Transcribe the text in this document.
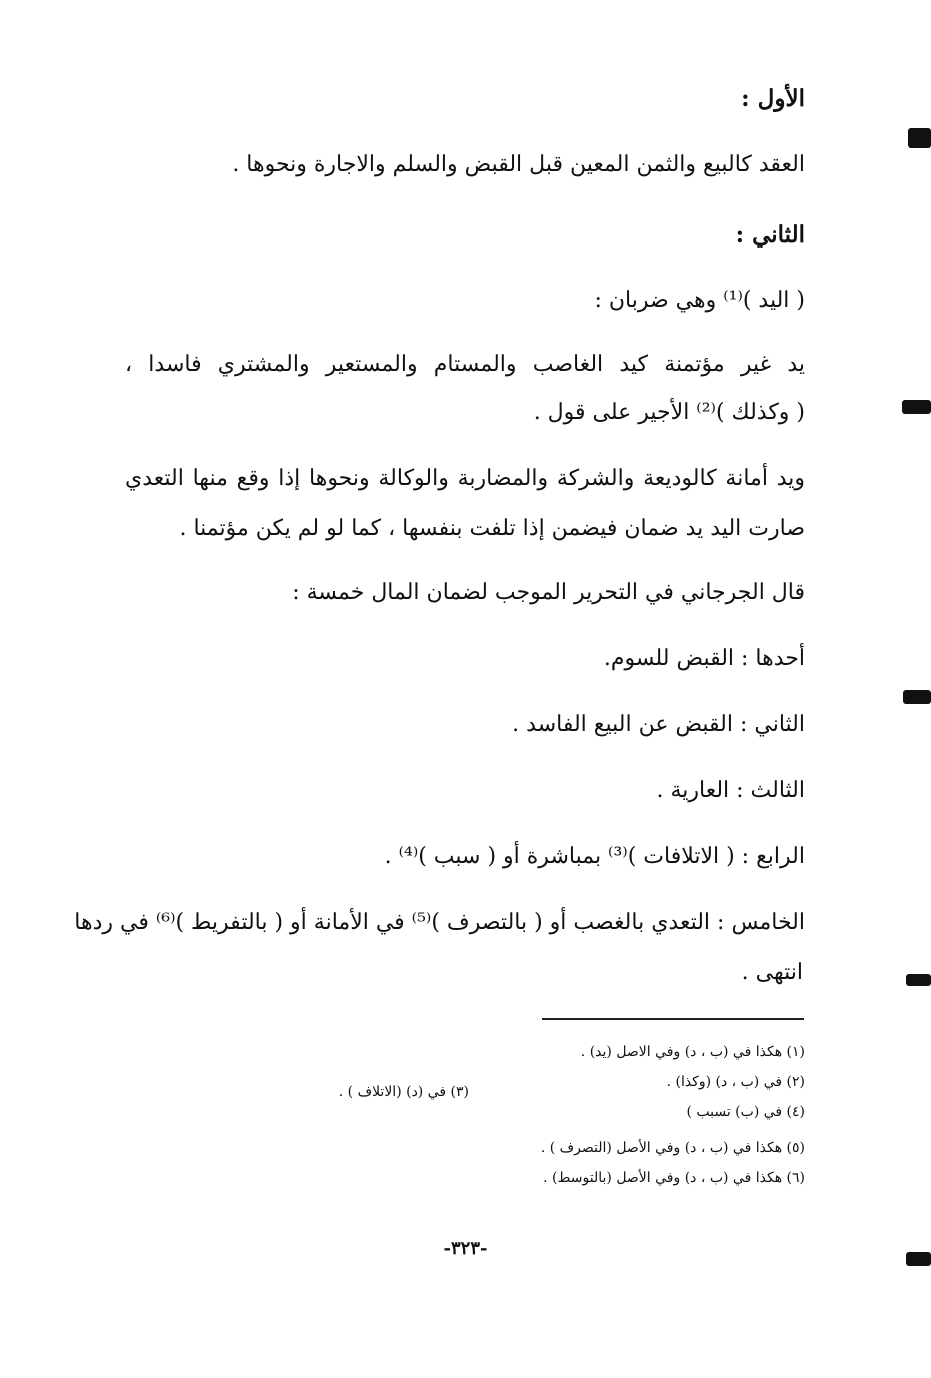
الأول :
العقد كالبيع والثمن المعين قبل القبض والسلم والاجارة ونحوها .
الثاني :
( اليد )⁽¹⁾ وهي ضربان :
يد غير مؤتمنة كيد الغاصب والمستام والمستعير والمشتري فاسدا ،
( وكذلك )⁽²⁾ الأجير على قول .
ويد أمانة كالوديعة والشركة والمضاربة والوكالة ونحوها إذا وقع منها التعدي
صارت اليد يد ضمان فيضمن إذا تلفت بنفسها ، كما لو لم يكن مؤتمنا .
قال الجرجاني في التحرير الموجب لضمان المال خمسة :
أحدها : القبض للسوم.
الثاني : القبض عن البيع الفاسد .
الثالث : العارية .
الرابع : ( الاتلافات )⁽³⁾ بمباشرة أو ( سبب )⁽⁴⁾ .
الخامس : التعدي بالغصب أو ( بالتصرف )⁽⁵⁾ في الأمانة أو ( بالتفريط )⁽⁶⁾ في ردها
انتهى .
(١) هكذا في (ب ، د) وفي الاصل (يد) .
(٢) في (ب ، د) (وكذا) .
(٣) في (د) (الاتلاف ) .
(٤) في (ب) تسبب )
(٥) هكذا في (ب ، د) وفي الأصل (التصرف ) .
(٦) هكذا في (ب ، د) وفي الأصل (بالتوسط) .
-٣٢٣-
